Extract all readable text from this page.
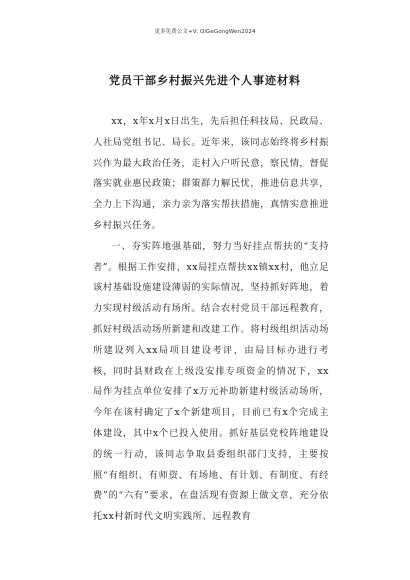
更多免费公文+V: QiGeGongWen2024
党员干部乡村振兴先进个人事迹材料

xx，x年x月x日出生，先后担任科技局、民政局、人社局党组书记、局长。近年来，该同志始终将乡村振兴作为最大政治任务，走村入户听民意，察民情，督促落实就业惠民政策；群策群力解民忧，推进信息共享，全力上下沟通，亲力亲为落实帮扶措施，真情实意推进乡村振兴任务。

一、夯实阵地强基础，努力当好挂点帮扶的“支持者”。根据工作安排，xx局挂点帮扶xx镇xx村，他立足该村基础设施建设薄弱的实际情况，坚持抓好阵地，着力实现村级活动有场所。结合农村党员干部远程教育，抓好村级活动场所新建和改建工作。将村级组织活动场所建设列入xx局项目建设考评，由局目标办进行考核，同时县财政在上级没安排专项资金的情况下，xx局作为挂点单位安排了x万元补助新建村级活动场所，今年在该村确定了x个新建项目，目前已有x个完成主体建设，其中x个已投入使用。抓好基层党校阵地建设的统一行动，该同志争取县委组织部门支持，主要按照“有组织、有师资、有场地、有计划、有制度、有经费”的“六有”要求，在盘活现有资源上做文章，充分依托xx村新时代文明实践所、远程教育
